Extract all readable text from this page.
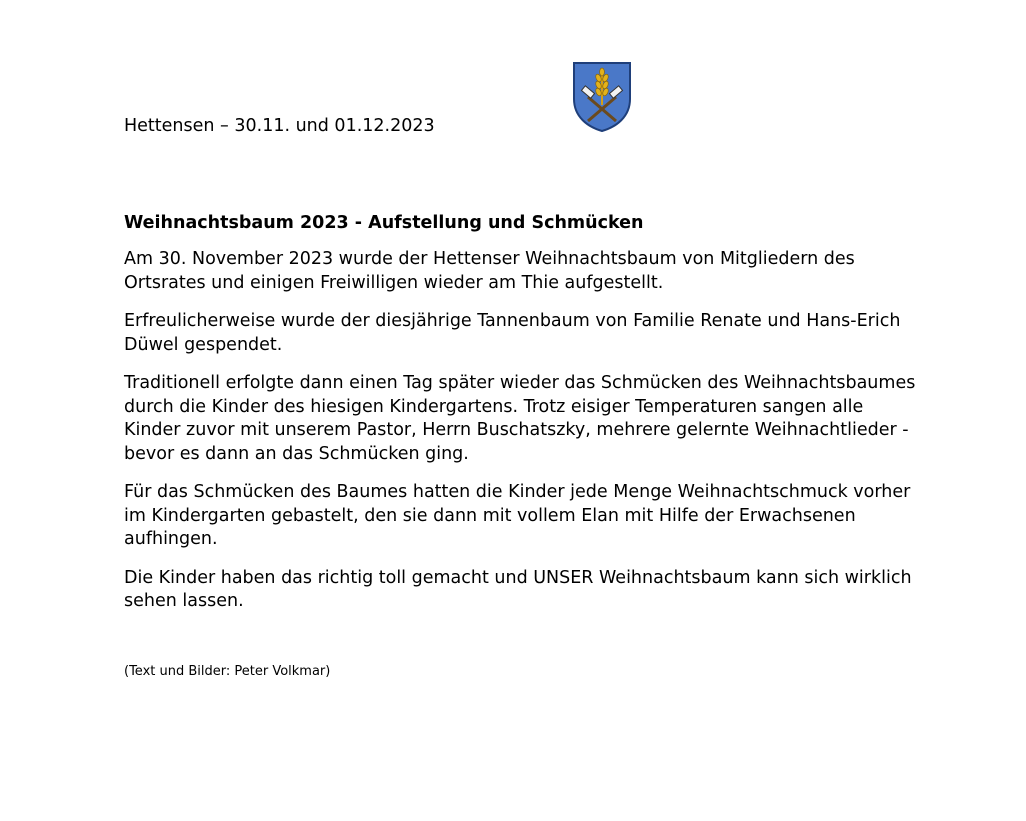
Hettensen – 30.11. und 01.12.2023
Weihnachtsbaum 2023 - Aufstellung und Schmücken

Am 30. November 2023 wurde der Hettenser Weihnachtsbaum von Mitgliedern des Ortsrates und einigen Freiwilligen wieder am Thie aufgestellt.

Erfreulicherweise wurde der diesjährige Tannenbaum von Familie Renate und Hans-Erich Düwel gespendet.

Traditionell erfolgte dann einen Tag später wieder das Schmücken des Weihnachtsbaumes durch die Kinder des hiesigen Kindergartens. Trotz eisiger Temperaturen sangen alle Kinder zuvor mit unserem Pastor, Herrn Buschatszky, mehrere gelernte Weihnachtlieder - bevor es dann an das Schmücken ging.

Für das Schmücken des Baumes hatten die Kinder jede Menge Weihnachtschmuck vorher im Kindergarten gebastelt, den sie dann mit vollem Elan mit Hilfe der Erwachsenen aufhingen.

Die Kinder haben das richtig toll gemacht und UNSER Weihnachtsbaum kann sich wirklich sehen lassen.

(Text und Bilder: Peter Volkmar)
